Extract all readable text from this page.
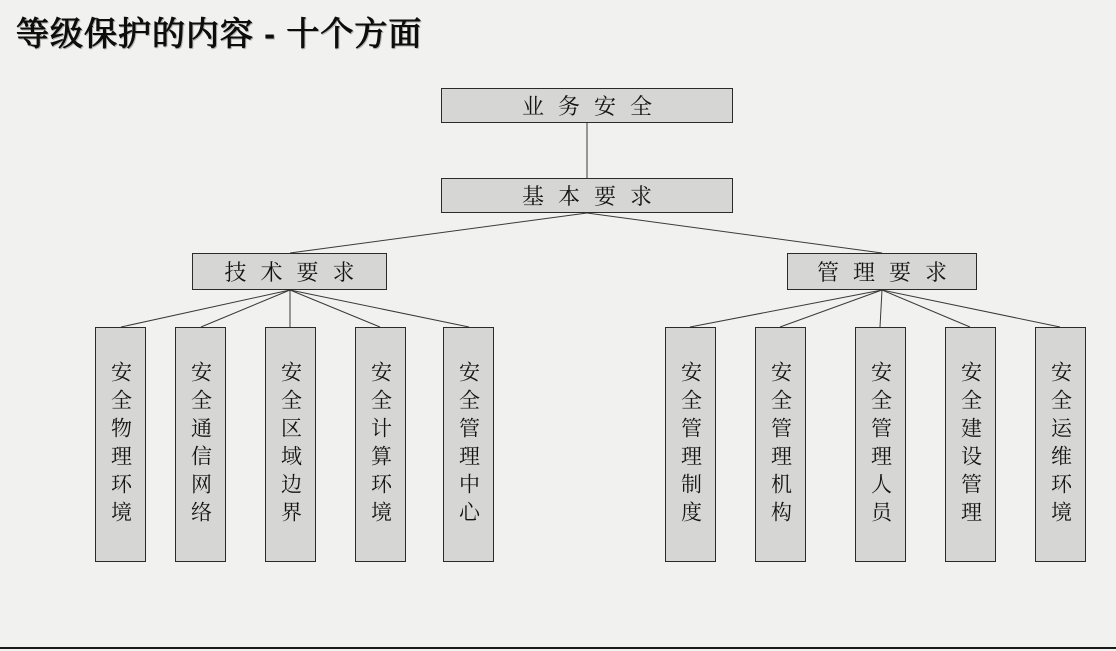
等级保护的内容 - 十个方面
业务安全
基本要求
技术要求	管理要求
安全物理环境	安全通信网络	安全区域边界	安全计算环境	安全管理中心	安全管理制度	安全管理机构	安全管理人员	安全建设管理	安全运维环境
